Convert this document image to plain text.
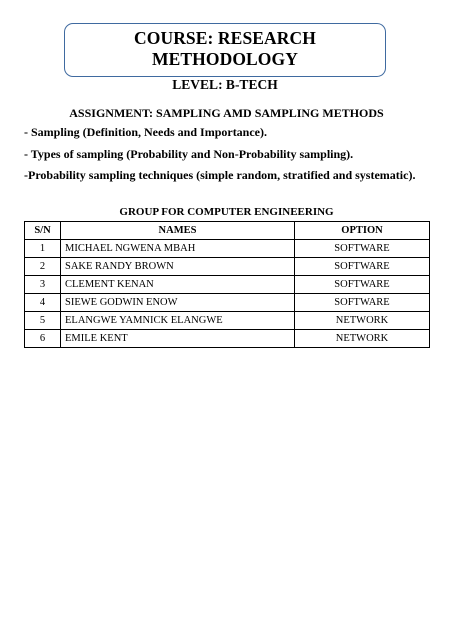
COURSE: RESEARCH METHODOLOGY
LEVEL: B-TECH
ASSIGNMENT: SAMPLING AMD SAMPLING METHODS
- Sampling (Definition, Needs and Importance).
- Types of sampling (Probability and Non-Probability sampling).
-Probability sampling techniques (simple random, stratified and systematic).
GROUP FOR COMPUTER ENGINEERING
S/N	NAMES	OPTION
1	MICHAEL NGWENA MBAH	SOFTWARE
2	SAKE RANDY BROWN	SOFTWARE
3	CLEMENT KENAN	SOFTWARE
4	SIEWE GODWIN ENOW	SOFTWARE
5	ELANGWE YAMNICK ELANGWE	NETWORK
6	EMILE KENT	NETWORK
